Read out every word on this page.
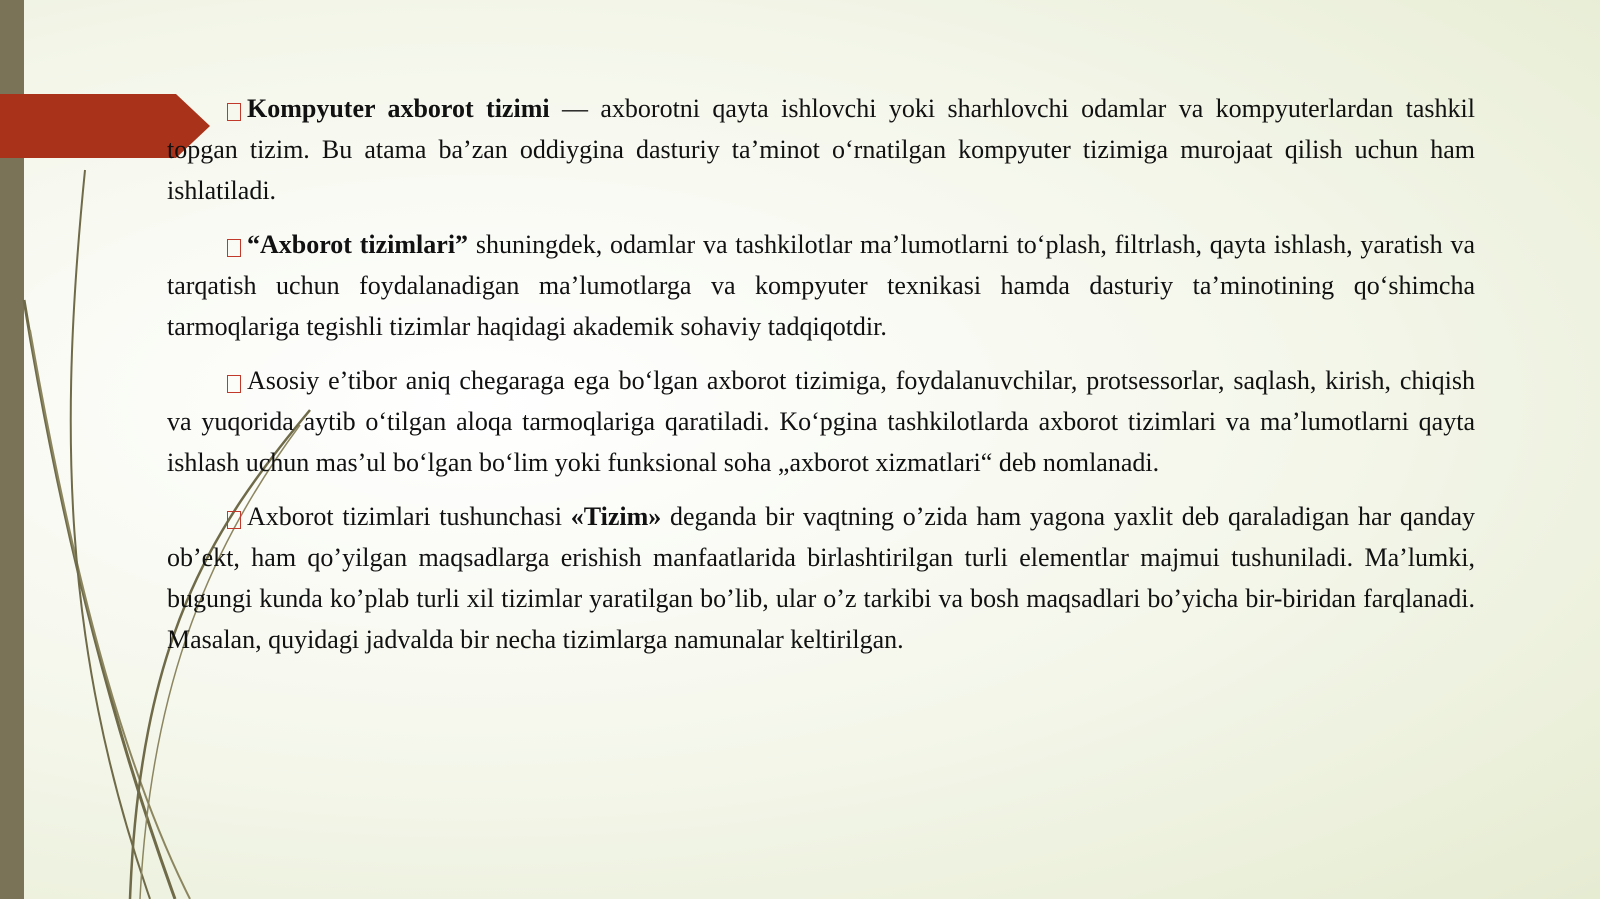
Kompyuter axborot tizimi — axborotni qayta ishlovchi yoki sharhlovchi odamlar va kompyuterlardan tashkil topgan tizim. Bu atama ba’zan oddiygina dasturiy ta’minot o‘rnatilgan kompyuter tizimiga murojaat qilish uchun ham ishlatiladi.

“Axborot tizimlari” shuningdek, odamlar va tashkilotlar ma’lumotlarni to‘plash, filtrlash, qayta ishlash, yaratish va tarqatish uchun foydalanadigan ma’lumotlarga va kompyuter texnikasi hamda dasturiy ta’minotining qo‘shimcha tarmoqlariga tegishli tizimlar haqidagi akademik sohaviy tadqiqotdir.

Asosiy e’tibor aniq chegaraga ega bo‘lgan axborot tizimiga, foydalanuvchilar, protsessorlar, saqlash, kirish, chiqish va yuqorida aytib o‘tilgan aloqa tarmoqlariga qaratiladi. Ko‘pgina tashkilotlarda axborot tizimlari va ma’lumotlarni qayta ishlash uchun mas’ul bo‘lgan bo‘lim yoki funksional soha „axborot xizmatlari“ deb nomlanadi.

Axborot tizimlari tushunchasi «Tizim» deganda bir vaqtning o’zida ham yagona yaxlit deb qaraladigan har qanday ob’ekt, ham qo’yilgan maqsadlarga erishish manfaatlarida birlashtirilgan turli elementlar majmui tushuniladi. Ma’lumki, bugungi kunda ko’plab turli xil tizimlar yaratilgan bo’lib, ular o’z tarkibi va bosh maqsadlari bo’yicha bir-biridan farqlanadi. Masalan, quyidagi jadvalda bir necha tizimlarga namunalar keltirilgan.
